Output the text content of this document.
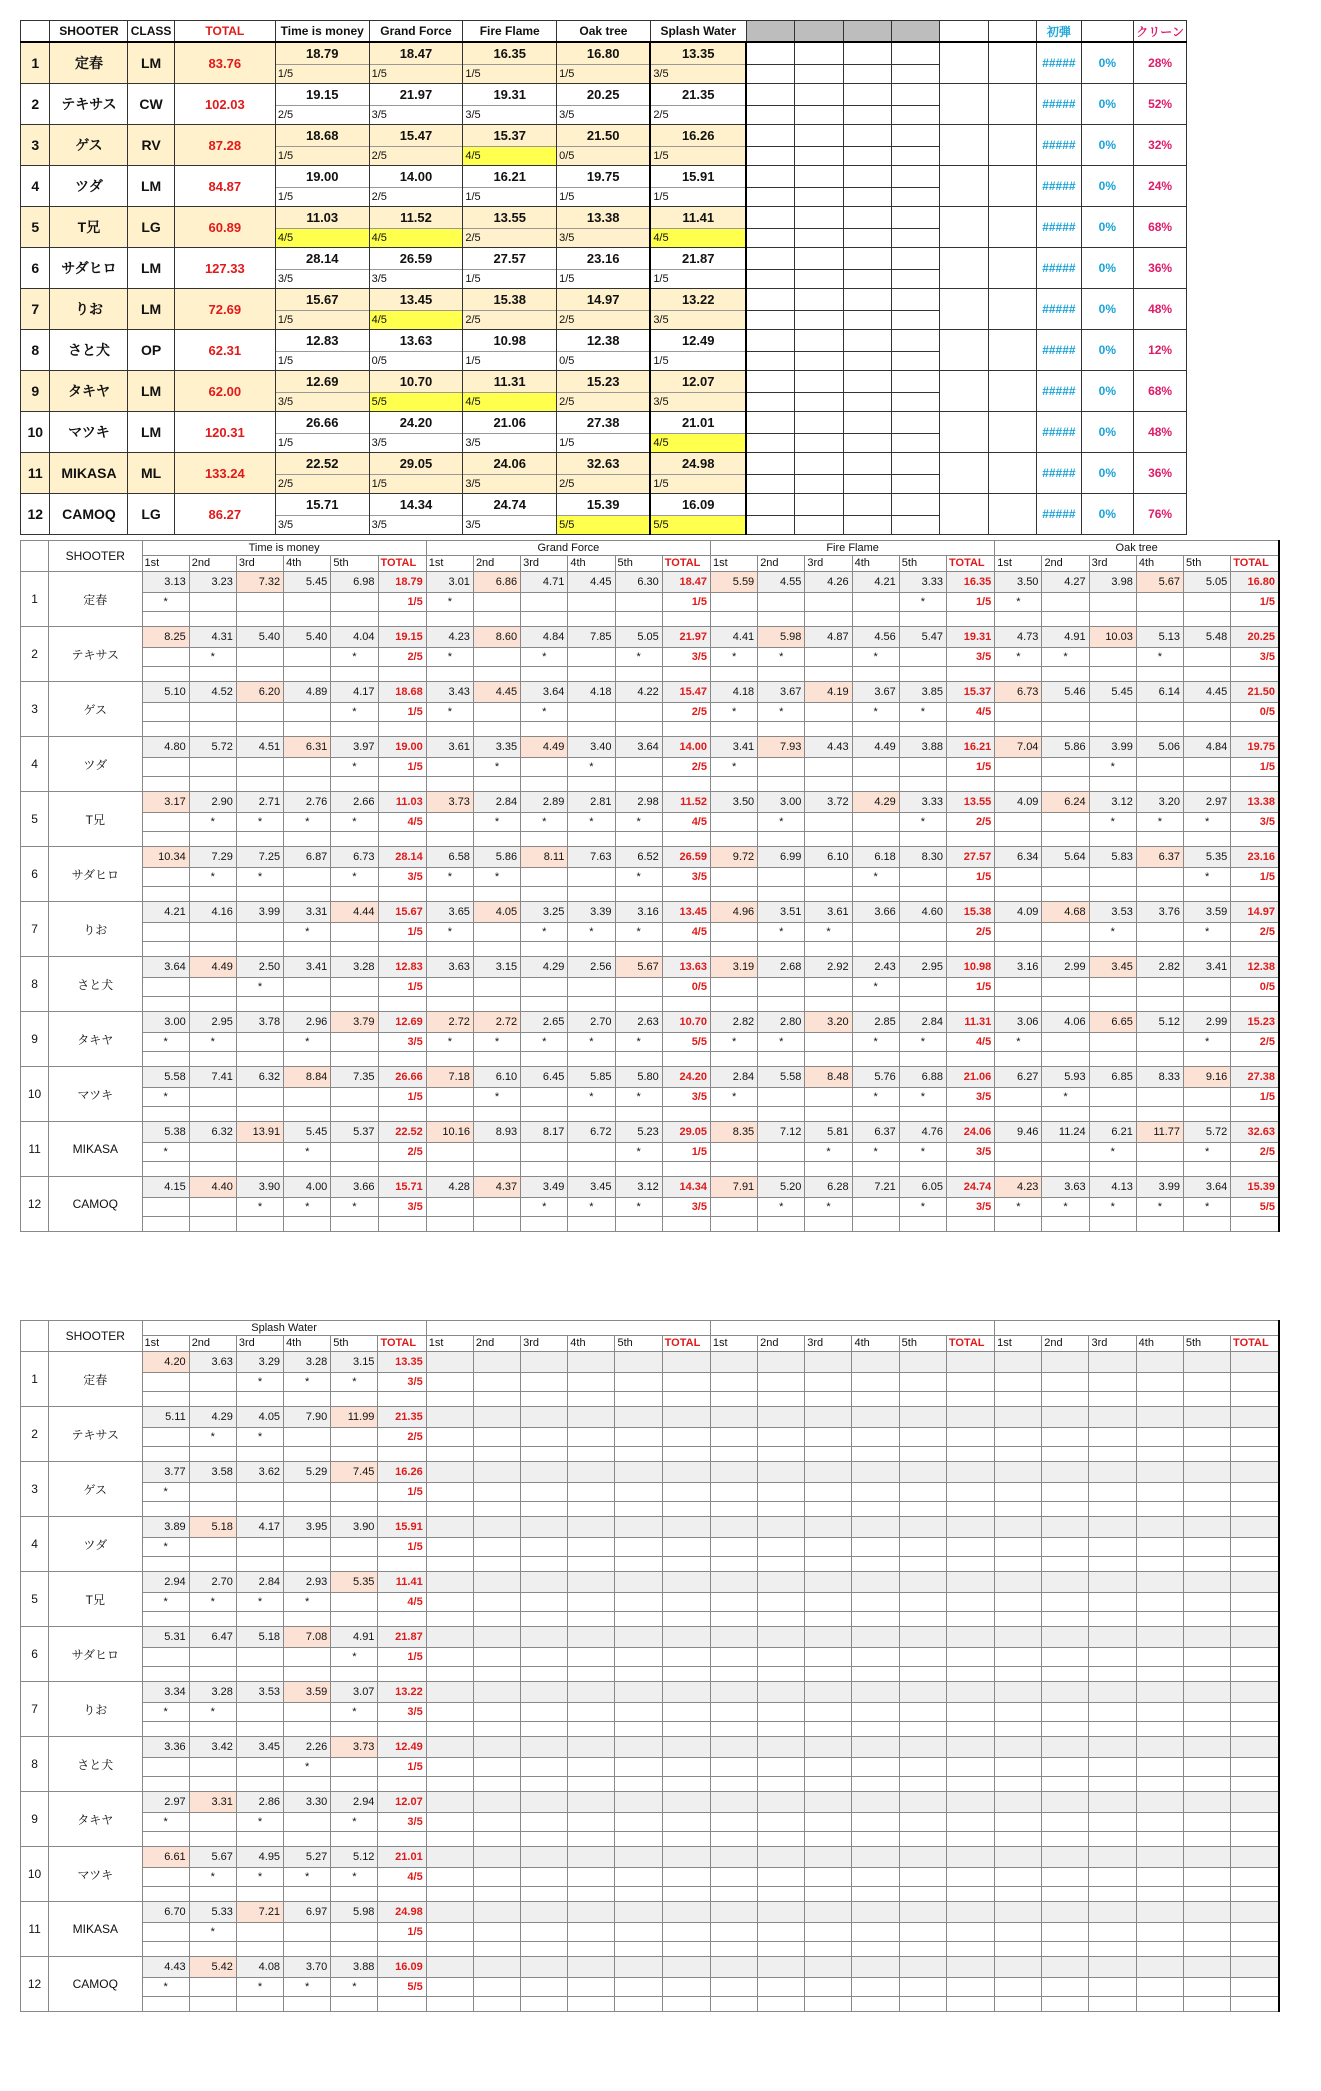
	SHOOTER	CLASS	TOTAL	Time is money	Grand Force	Fire Flame	Oak tree	Splash Water							初弾		クリーン
1	定春	LM	83.76	18.79	18.47	16.35	16.80	13.35							#####	0%	28%
				1/5	1/5	1/5	1/5	3/5									
2	テキサス	CW	102.03	19.15	21.97	19.31	20.25	21.35							#####	0%	52%
				2/5	3/5	3/5	3/5	2/5									
3	ゲス	RV	87.28	18.68	15.47	15.37	21.50	16.26							#####	0%	32%
				1/5	2/5	4/5	0/5	1/5									
4	ツダ	LM	84.87	19.00	14.00	16.21	19.75	15.91							#####	0%	24%
				1/5	2/5	1/5	1/5	1/5									
5	T兄	LG	60.89	11.03	11.52	13.55	13.38	11.41							#####	0%	68%
				4/5	4/5	2/5	3/5	4/5									
6	サダヒロ	LM	127.33	28.14	26.59	27.57	23.16	21.87							#####	0%	36%
				3/5	3/5	1/5	1/5	1/5									
7	りお	LM	72.69	15.67	13.45	15.38	14.97	13.22							#####	0%	48%
				1/5	4/5	2/5	2/5	3/5									
8	さと犬	OP	62.31	12.83	13.63	10.98	12.38	12.49							#####	0%	12%
				1/5	0/5	1/5	0/5	1/5									
9	タキヤ	LM	62.00	12.69	10.70	11.31	15.23	12.07							#####	0%	68%
				3/5	5/5	4/5	2/5	3/5									
10	マツキ	LM	120.31	26.66	24.20	21.06	27.38	21.01							#####	0%	48%
				1/5	3/5	3/5	1/5	4/5									
11	MIKASA	ML	133.24	22.52	29.05	24.06	32.63	24.98							#####	0%	36%
				2/5	1/5	3/5	2/5	1/5									
12	CAMOQ	LG	86.27	15.71	14.34	24.74	15.39	16.09							#####	0%	76%
				3/5	3/5	3/5	5/5	5/5									
	SHOOTER	Time is money						Grand Force						Fire Flame						Oak tree					
		1st	2nd	3rd	4th	5th	TOTAL	1st	2nd	3rd	4th	5th	TOTAL	1st	2nd	3rd	4th	5th	TOTAL	1st	2nd	3rd	4th	5th	TOTAL
1	定春	3.13	3.23	7.32	5.45	6.98	18.79	3.01	6.86	4.71	4.45	6.30	18.47	5.59	4.55	4.26	4.21	3.33	16.35	3.50	4.27	3.98	5.67	5.05	16.80
		*					1/5	*					1/5					*	1/5	*					1/5

2	テキサス	8.25	4.31	5.40	5.40	4.04	19.15	4.23	8.60	4.84	7.85	5.05	21.97	4.41	5.98	4.87	4.56	5.47	19.31	4.73	4.91	10.03	5.13	5.48	20.25
			*			*	2/5	*		*		*	3/5	*	*		*		3/5	*	*		*		3/5

3	ゲス	5.10	4.52	6.20	4.89	4.17	18.68	3.43	4.45	3.64	4.18	4.22	15.47	4.18	3.67	4.19	3.67	3.85	15.37	6.73	5.46	5.45	6.14	4.45	21.50
						*	1/5	*		*			2/5	*	*		*	*	4/5						0/5

4	ツダ	4.80	5.72	4.51	6.31	3.97	19.00	3.61	3.35	4.49	3.40	3.64	14.00	3.41	7.93	4.43	4.49	3.88	16.21	7.04	5.86	3.99	5.06	4.84	19.75
						*	1/5		*		*		2/5	*					1/5			*			1/5

5	T兄	3.17	2.90	2.71	2.76	2.66	11.03	3.73	2.84	2.89	2.81	2.98	11.52	3.50	3.00	3.72	4.29	3.33	13.55	4.09	6.24	3.12	3.20	2.97	13.38
			*	*	*	*	4/5		*	*	*	*	4/5		*			*	2/5			*	*	*	3/5

6	サダヒロ	10.34	7.29	7.25	6.87	6.73	28.14	6.58	5.86	8.11	7.63	6.52	26.59	9.72	6.99	6.10	6.18	8.30	27.57	6.34	5.64	5.83	6.37	5.35	23.16
			*	*		*	3/5	*	*			*	3/5				*		1/5					*	1/5

7	りお	4.21	4.16	3.99	3.31	4.44	15.67	3.65	4.05	3.25	3.39	3.16	13.45	4.96	3.51	3.61	3.66	4.60	15.38	4.09	4.68	3.53	3.76	3.59	14.97
					*		1/5	*		*	*	*	4/5		*	*			2/5			*		*	2/5

8	さと犬	3.64	4.49	2.50	3.41	3.28	12.83	3.63	3.15	4.29	2.56	5.67	13.63	3.19	2.68	2.92	2.43	2.95	10.98	3.16	2.99	3.45	2.82	3.41	12.38
				*			1/5						0/5				*		1/5						0/5

9	タキヤ	3.00	2.95	3.78	2.96	3.79	12.69	2.72	2.72	2.65	2.70	2.63	10.70	2.82	2.80	3.20	2.85	2.84	11.31	3.06	4.06	6.65	5.12	2.99	15.23
		*	*		*		3/5	*	*	*	*	*	5/5	*	*		*	*	4/5	*				*	2/5

10	マツキ	5.58	7.41	6.32	8.84	7.35	26.66	7.18	6.10	6.45	5.85	5.80	24.20	2.84	5.58	8.48	5.76	6.88	21.06	6.27	5.93	6.85	8.33	9.16	27.38
		*					1/5		*		*	*	3/5	*			*	*	3/5		*				1/5

11	MIKASA	5.38	6.32	13.91	5.45	5.37	22.52	10.16	8.93	8.17	6.72	5.23	29.05	8.35	7.12	5.81	6.37	4.76	24.06	9.46	11.24	6.21	11.77	5.72	32.63
		*			*		2/5					*	1/5			*	*	*	3/5			*		*	2/5

12	CAMOQ	4.15	4.40	3.90	4.00	3.66	15.71	4.28	4.37	3.49	3.45	3.12	14.34	7.91	5.20	6.28	7.21	6.05	24.74	4.23	3.63	4.13	3.99	3.64	15.39
				*	*	*	3/5			*	*	*	3/5		*	*		*	3/5	*	*	*	*	*	5/5

	SHOOTER	Splash Water																							
		1st	2nd	3rd	4th	5th	TOTAL	1st	2nd	3rd	4th	5th	TOTAL	1st	2nd	3rd	4th	5th	TOTAL	1st	2nd	3rd	4th	5th	TOTAL
1	定春	4.20	3.63	3.29	3.28	3.15	13.35																		
				*	*	*	3/5																		

2	テキサス	5.11	4.29	4.05	7.90	11.99	21.35																		
			*	*			2/5																		

3	ゲス	3.77	3.58	3.62	5.29	7.45	16.26																		
		*					1/5																		

4	ツダ	3.89	5.18	4.17	3.95	3.90	15.91																		
		*					1/5																		

5	T兄	2.94	2.70	2.84	2.93	5.35	11.41																		
		*	*	*	*		4/5																		

6	サダヒロ	5.31	6.47	5.18	7.08	4.91	21.87																		
						*	1/5																		

7	りお	3.34	3.28	3.53	3.59	3.07	13.22																		
		*	*			*	3/5																		

8	さと犬	3.36	3.42	3.45	2.26	3.73	12.49																		
					*		1/5																		

9	タキヤ	2.97	3.31	2.86	3.30	2.94	12.07																		
		*		*		*	3/5																		

10	マツキ	6.61	5.67	4.95	5.27	5.12	21.01																		
			*	*	*	*	4/5																		

11	MIKASA	6.70	5.33	7.21	6.97	5.98	24.98																		
			*				1/5																		

12	CAMOQ	4.43	5.42	4.08	3.70	3.88	16.09																		
		*		*	*	*	5/5																		
